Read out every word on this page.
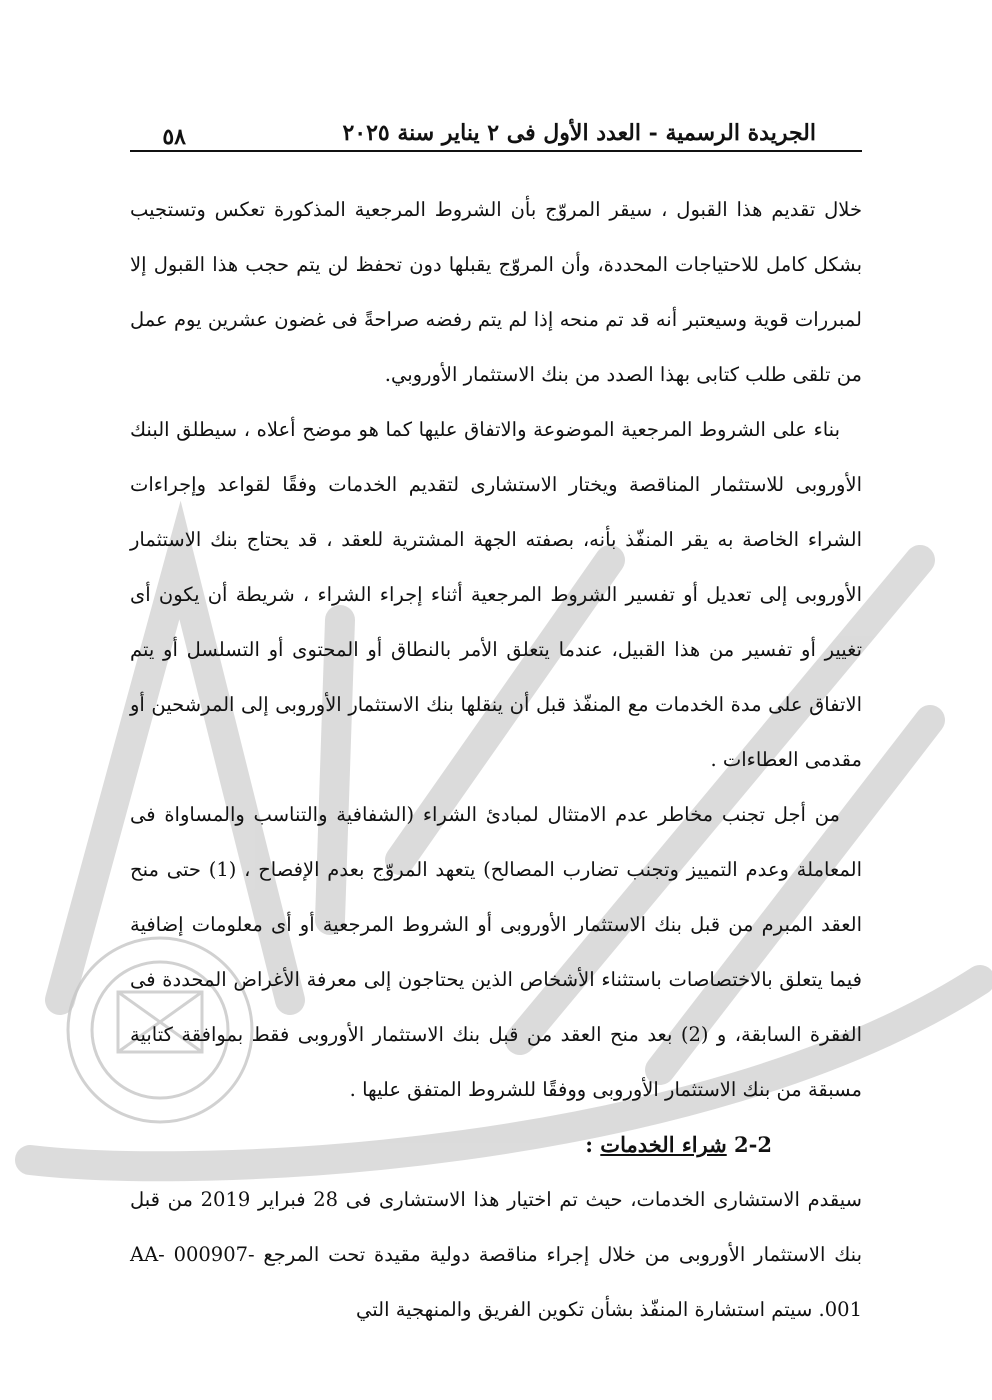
الجريدة الرسمية - العدد الأول فى ٢ يناير سنة ٢٠٢٥
٥٨

خلال تقديم هذا القبول ، سيقر المروّج بأن الشروط المرجعية المذكورة تعكس وتستجيب بشكل كامل للاحتياجات المحددة، وأن المروّج يقبلها دون تحفظ لن يتم حجب هذا القبول إلا لمبررات قوية وسيعتبر أنه قد تم منحه إذا لم يتم رفضه صراحةً فى غضون عشرين يوم عمل من تلقى طلب كتابى بهذا الصدد من بنك الاستثمار الأوروبي.

بناء على الشروط المرجعية الموضوعة والاتفاق عليها كما هو موضح أعلاه ، سيطلق البنك الأوروبى للاستثمار المناقصة ويختار الاستشارى لتقديم الخدمات وفقًا لقواعد وإجراءات الشراء الخاصة به يقر المنفّذ بأنه، بصفته الجهة المشترية للعقد ، قد يحتاج بنك الاستثمار الأوروبى إلى تعديل أو تفسير الشروط المرجعية أثناء إجراء الشراء ، شريطة أن يكون أى تغيير أو تفسير من هذا القبيل، عندما يتعلق الأمر بالنطاق أو المحتوى أو التسلسل أو يتم الاتفاق على مدة الخدمات مع المنفّذ قبل أن ينقلها بنك الاستثمار الأوروبى إلى المرشحين أو مقدمى العطاءات .

من أجل تجنب مخاطر عدم الامتثال لمبادئ الشراء (الشفافية والتناسب والمساواة فى المعاملة وعدم التمييز وتجنب تضارب المصالح) يتعهد المروّج بعدم الإفصاح ، (1) حتى منح العقد المبرم من قبل بنك الاستثمار الأوروبى أو الشروط المرجعية أو أى معلومات إضافية فيما يتعلق بالاختصاصات باستثناء الأشخاص الذين يحتاجون إلى معرفة الأغراض المحددة فى الفقرة السابقة، و (2) بعد منح العقد من قبل بنك الاستثمار الأوروبى فقط بموافقة كتابية مسبقة من بنك الاستثمار الأوروبى ووفقًا للشروط المتفق عليها .

2-2 شراء الخدمات :

سيقدم الاستشارى الخدمات، حيث تم اختيار هذا الاستشارى فى 28 فبراير 2019 من قبل بنك الاستثمار الأوروبى من خلال إجراء مناقصة دولية مقيدة تحت المرجع AA- 000907- 001. سيتم استشارة المنفّذ بشأن تكوين الفريق والمنهجية التي
